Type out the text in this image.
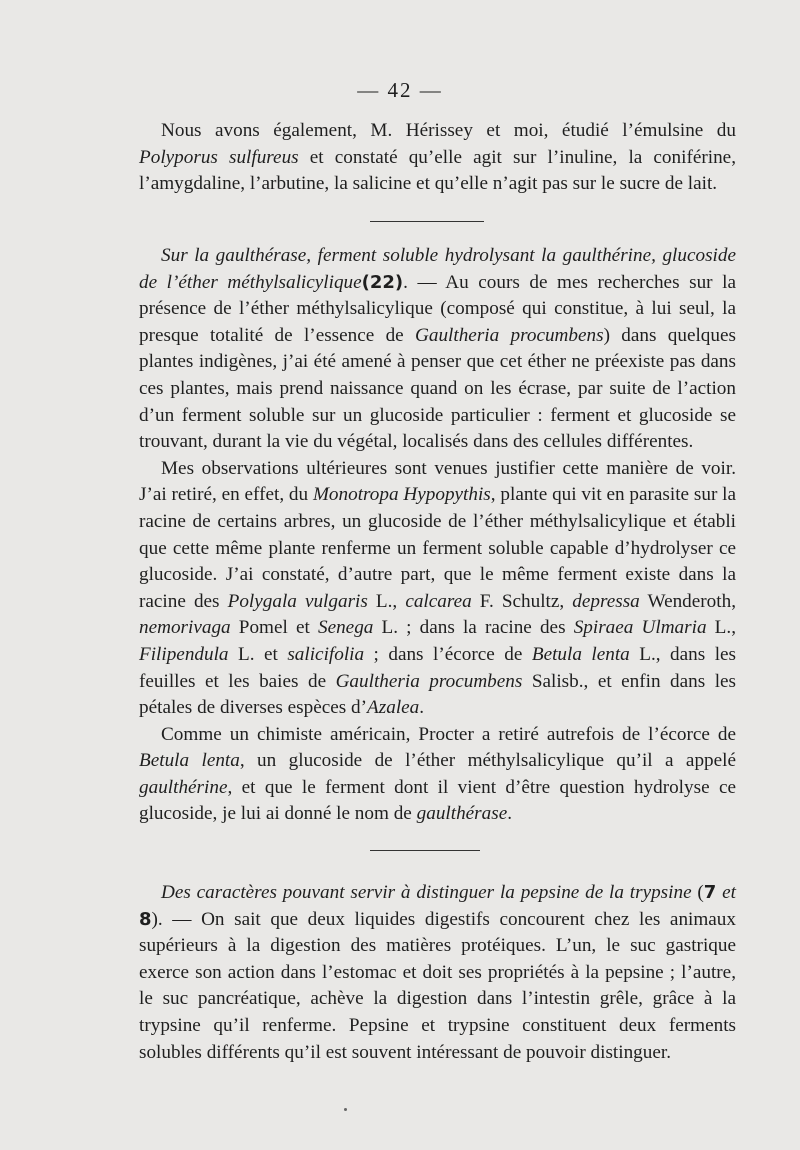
— 42 —

Nous avons également, M. Hérissey et moi, étudié l’émulsine du Polyporus sulfureus et constaté qu’elle agit sur l’inuline, la coniférine, l’amygdaline, l’arbutine, la salicine et qu’elle n’agit pas sur le sucre de lait.

Sur la gaulthérase, ferment soluble hydrolysant la gaulthérine, glucoside de l’éther méthylsalicylique(22). — Au cours de mes recherches sur la présence de l’éther méthylsalicylique (composé qui constitue, à lui seul, la presque totalité de l’essence de Gaultheria procumbens) dans quelques plantes indigènes, j’ai été amené à penser que cet éther ne préexiste pas dans ces plantes, mais prend naissance quand on les écrase, par suite de l’action d’un ferment soluble sur un glucoside particulier : ferment et glucoside se trouvant, durant la vie du végétal, localisés dans des cellules différentes.

Mes observations ultérieures sont venues justifier cette manière de voir. J’ai retiré, en effet, du Monotropa Hypopythis, plante qui vit en parasite sur la racine de certains arbres, un glucoside de l’éther méthylsalicylique et établi que cette même plante renferme un ferment soluble capable d’hydrolyser ce glucoside. J’ai constaté, d’autre part, que le même ferment existe dans la racine des Polygala vulgaris L., calcarea F. Schultz, depressa Wenderoth, nemorivaga Pomel et Senega L. ; dans la racine des Spiraea Ulmaria L., Filipendula L. et salicifolia ; dans l’écorce de Betula lenta L., dans les feuilles et les baies de Gaultheria procumbens Salisb., et enfin dans les pétales de diverses espèces d’Azalea.

Comme un chimiste américain, Procter a retiré autrefois de l’écorce de Betula lenta, un glucoside de l’éther méthylsalicylique qu’il a appelé gaulthérine, et que le ferment dont il vient d’être question hydrolyse ce glucoside, je lui ai donné le nom de gaulthérase.

Des caractères pouvant servir à distinguer la pepsine de la trypsine (7 et 8). — On sait que deux liquides digestifs concourent chez les animaux supérieurs à la digestion des matières protéiques. L’un, le suc gastrique exerce son action dans l’estomac et doit ses propriétés à la pepsine ; l’autre, le suc pancréatique, achève la digestion dans l’intestin grêle, grâce à la trypsine qu’il renferme. Pepsine et trypsine constituent deux ferments solubles différents qu’il est souvent intéressant de pouvoir distinguer.
